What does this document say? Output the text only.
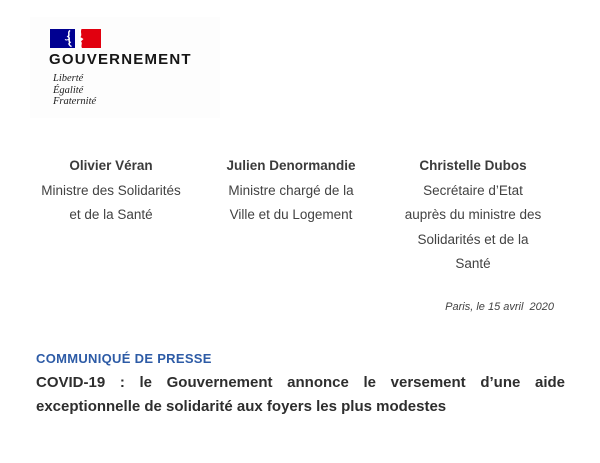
GOUVERNEMENT
Liberté
Égalité
Fraternité
Olivier Véran
Ministre des Solidarités
et de la Santé
Julien Denormandie
Ministre chargé de la
Ville et du Logement
Christelle Dubos
Secrétaire d’Etat
auprès du ministre des
Solidarités et de la
Santé
Paris, le 15 avril  2020
COMMUNIQUÉ DE PRESSE
COVID-19 : le Gouvernement annonce le versement d’une aide
exceptionnelle de solidarité aux foyers les plus modestes
